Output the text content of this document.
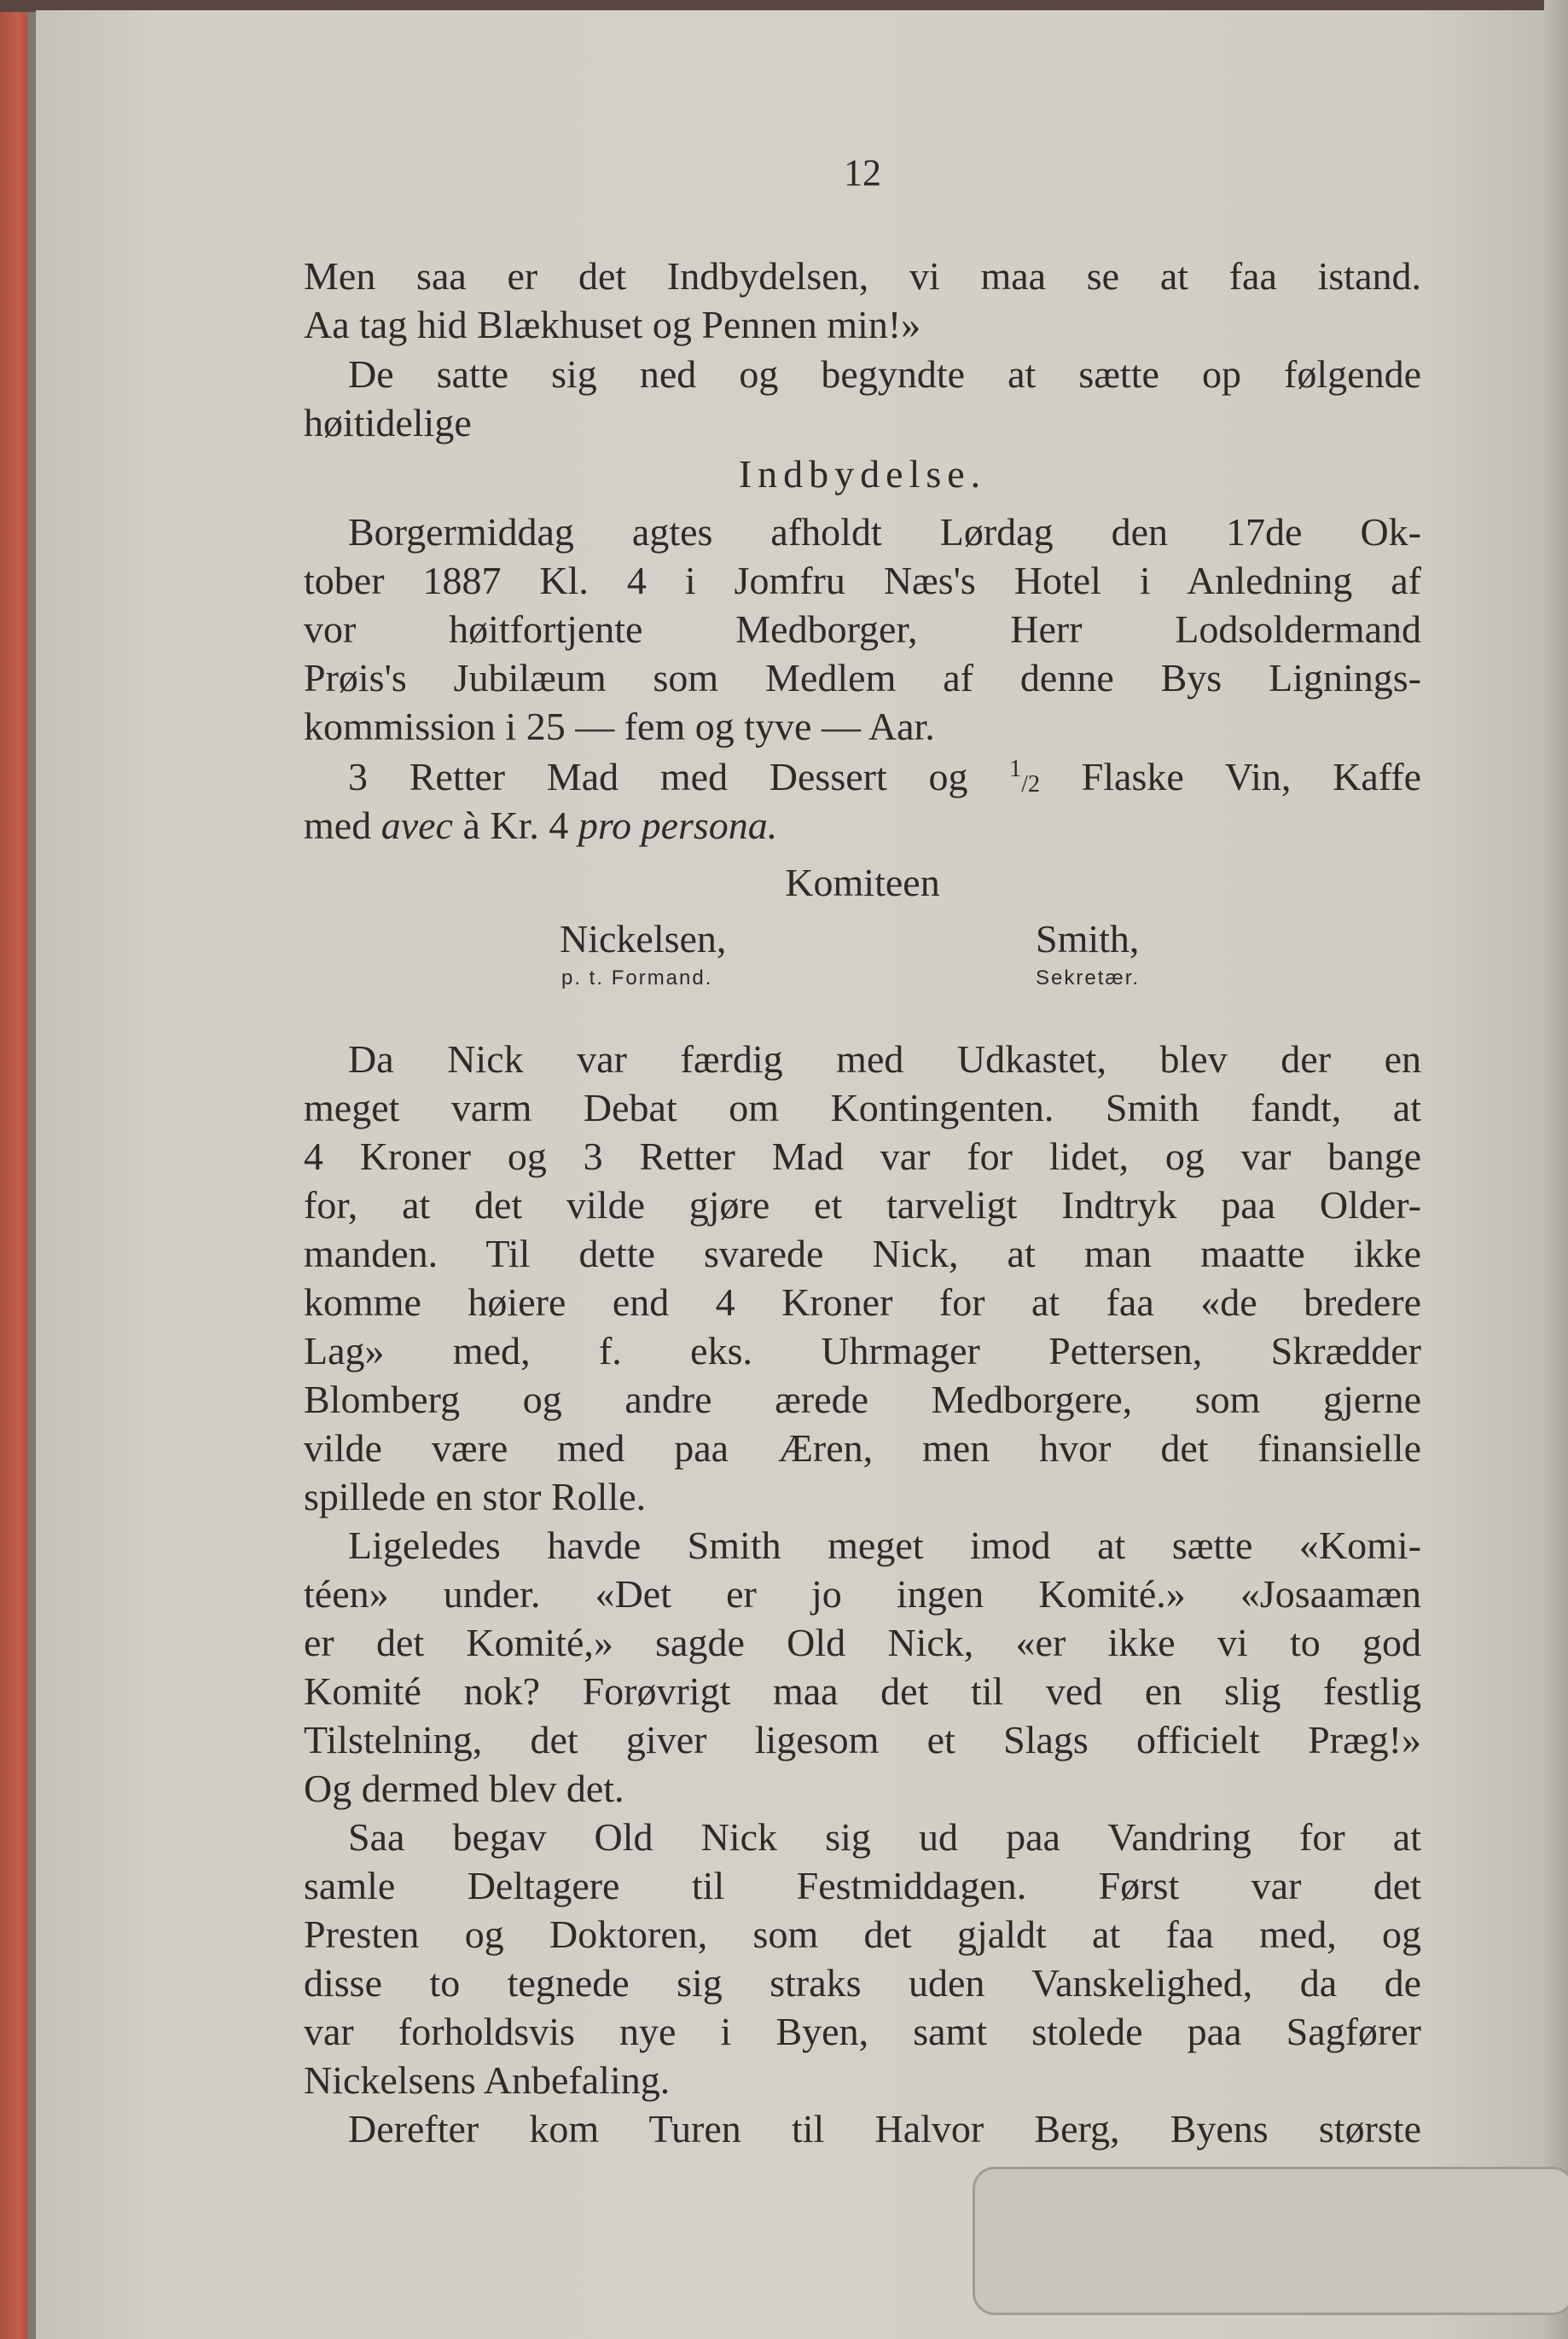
12
Men saa er det Indbydelsen, vi maa se at faa istand.
Aa tag hid Blækhuset og Pennen min!»
De satte sig ned og begyndte at sætte op følgende
høitidelige
Indbydelse.
Borgermiddag agtes afholdt Lørdag den 17de Ok-
tober 1887 Kl. 4 i Jomfru Næs's Hotel i Anledning af
vor høitfortjente Medborger, Herr Lodsoldermand
Prøis's Jubilæum som Medlem af denne Bys Lignings-
kommission i 25 — fem og tyve — Aar.
3 Retter Mad med Dessert og $^1$/2 Flaske Vin, Kaffe
med avec à Kr. 4 pro persona.
Komiteen
Nickelsen,
p. t. Formand.
Smith,
Sekretær.
Da Nick var færdig med Udkastet, blev der en
meget varm Debat om Kontingenten. Smith fandt, at
4 Kroner og 3 Retter Mad var for lidet, og var bange
for, at det vilde gjøre et tarveligt Indtryk paa Older-
manden. Til dette svarede Nick, at man maatte ikke
komme høiere end 4 Kroner for at faa «de bredere
Lag» med, f. eks. Uhrmager Pettersen, Skrædder
Blomberg og andre ærede Medborgere, som gjerne
vilde være med paa Æren, men hvor det finansielle
spillede en stor Rolle.
Ligeledes havde Smith meget imod at sætte «Komi-
téen» under. «Det er jo ingen Komité.» «Josaamæn
er det Komité,» sagde Old Nick, «er ikke vi to god
Komité nok? Forøvrigt maa det til ved en slig festlig
Tilstelning, det giver ligesom et Slags officielt Præg!»
Og dermed blev det.
Saa begav Old Nick sig ud paa Vandring for at
samle Deltagere til Festmiddagen. Først var det
Presten og Doktoren, som det gjaldt at faa med, og
disse to tegnede sig straks uden Vanskelighed, da de
var forholdsvis nye i Byen, samt stolede paa Sagfører
Nickelsens Anbefaling.
Derefter kom Turen til Halvor Berg, Byens største
